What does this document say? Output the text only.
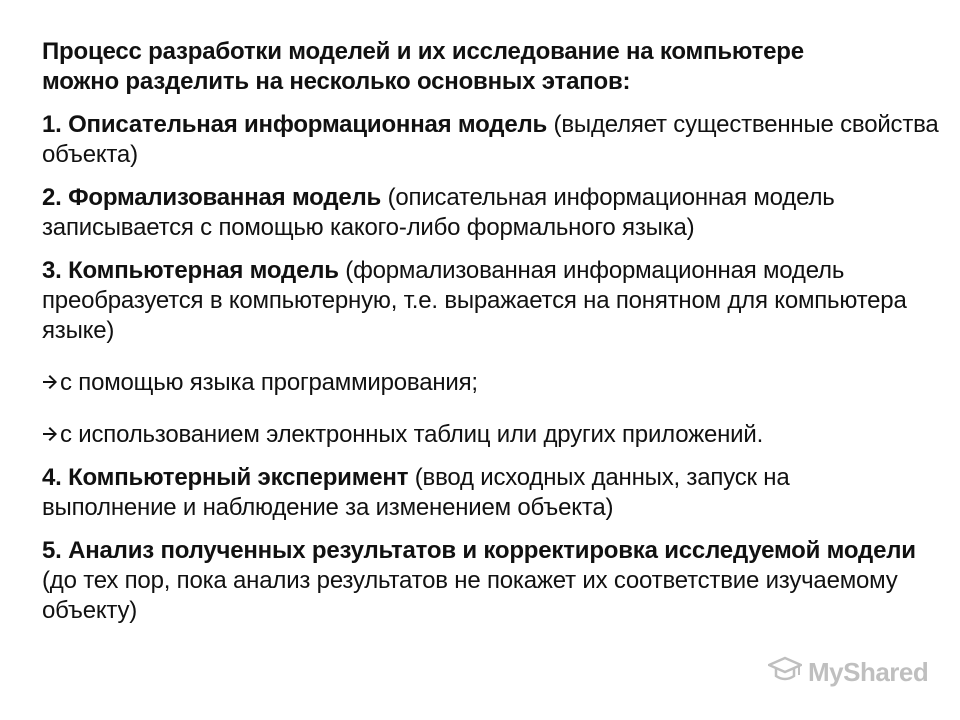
Процесс разработки моделей и их исследование на компьютере
можно разделить на несколько основных этапов:
1. Описательная информационная модель (выделяет существенные свойства объекта)
2. Формализованная модель (описательная информационная модель записывается с помощью какого-либо формального языка)
3. Компьютерная модель (формализованная информационная модель преобразуется в компьютерную, т.е. выражается на понятном для компьютера языке)
с помощью языка программирования;
с использованием электронных таблиц или других приложений.
4. Компьютерный эксперимент (ввод исходных данных, запуск на выполнение и наблюдение за изменением объекта)
5. Анализ полученных результатов и корректировка исследуемой модели (до тех пор, пока анализ результатов не покажет их соответствие изучаемому объекту)
MyShared
